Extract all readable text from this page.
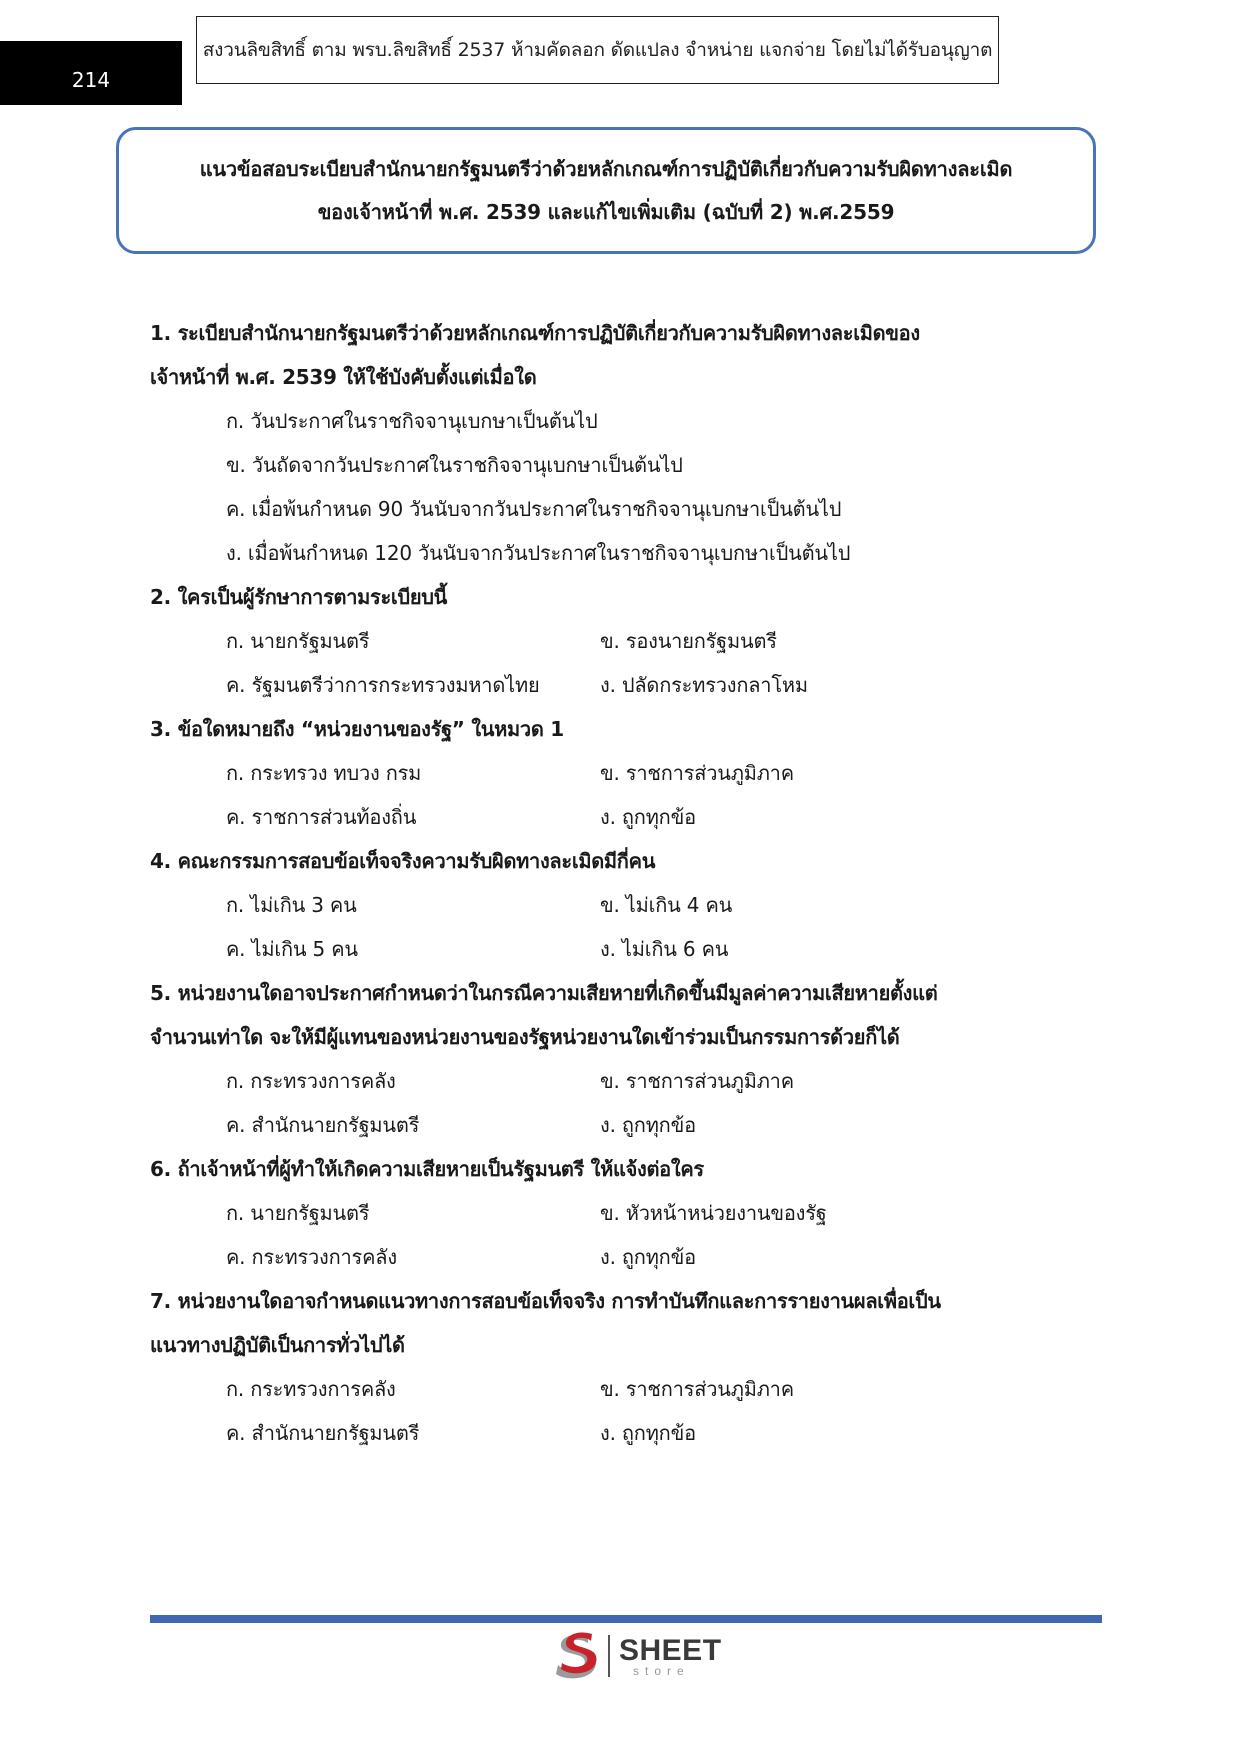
214
สงวนลิขสิทธิ์ ตาม พรบ.ลิขสิทธิ์ 2537 ห้ามคัดลอก ดัดแปลง จำหน่าย แจกจ่าย โดยไม่ได้รับอนุญาต
แนวข้อสอบระเบียบสำนักนายกรัฐมนตรีว่าด้วยหลักเกณฑ์การปฏิบัติเกี่ยวกับความรับผิดทางละเมิด
ของเจ้าหน้าที่ พ.ศ. 2539 และแก้ไขเพิ่มเติม (ฉบับที่ 2) พ.ศ.2559
1. ระเบียบสำนักนายกรัฐมนตรีว่าด้วยหลักเกณฑ์การปฏิบัติเกี่ยวกับความรับผิดทางละเมิดของ
เจ้าหน้าที่ พ.ศ. 2539 ให้ใช้บังคับตั้งแต่เมื่อใด
ก. วันประกาศในราชกิจจานุเบกษาเป็นต้นไป
ข. วันถัดจากวันประกาศในราชกิจจานุเบกษาเป็นต้นไป
ค. เมื่อพ้นกำหนด 90 วันนับจากวันประกาศในราชกิจจานุเบกษาเป็นต้นไป
ง. เมื่อพ้นกำหนด 120 วันนับจากวันประกาศในราชกิจจานุเบกษาเป็นต้นไป
2. ใครเป็นผู้รักษาการตามระเบียบนี้
ก. นายกรัฐมนตรี	ข. รองนายกรัฐมนตรี
ค. รัฐมนตรีว่าการกระทรวงมหาดไทย	ง. ปลัดกระทรวงกลาโหม
3. ข้อใดหมายถึง “หน่วยงานของรัฐ” ในหมวด 1
ก. กระทรวง ทบวง กรม	ข. ราชการส่วนภูมิภาค
ค. ราชการส่วนท้องถิ่น	ง. ถูกทุกข้อ
4. คณะกรรมการสอบข้อเท็จจริงความรับผิดทางละเมิดมีกี่คน
ก. ไม่เกิน 3 คน	ข. ไม่เกิน 4 คน
ค. ไม่เกิน 5 คน	ง. ไม่เกิน 6 คน
5. หน่วยงานใดอาจประกาศกำหนดว่าในกรณีความเสียหายที่เกิดขึ้นมีมูลค่าความเสียหายตั้งแต่
จำนวนเท่าใด จะให้มีผู้แทนของหน่วยงานของรัฐหน่วยงานใดเข้าร่วมเป็นกรรมการด้วยก็ได้
ก. กระทรวงการคลัง	ข. ราชการส่วนภูมิภาค
ค. สำนักนายกรัฐมนตรี	ง. ถูกทุกข้อ
6. ถ้าเจ้าหน้าที่ผู้ทำให้เกิดความเสียหายเป็นรัฐมนตรี ให้แจ้งต่อใคร
ก. นายกรัฐมนตรี	ข. หัวหน้าหน่วยงานของรัฐ
ค. กระทรวงการคลัง	ง. ถูกทุกข้อ
7. หน่วยงานใดอาจกำหนดแนวทางการสอบข้อเท็จจริง การทำบันทึกและการรายงานผลเพื่อเป็น
แนวทางปฏิบัติเป็นการทั่วไปได้
ก. กระทรวงการคลัง	ข. ราชการส่วนภูมิภาค
ค. สำนักนายกรัฐมนตรี	ง. ถูกทุกข้อ
SHEET
store
